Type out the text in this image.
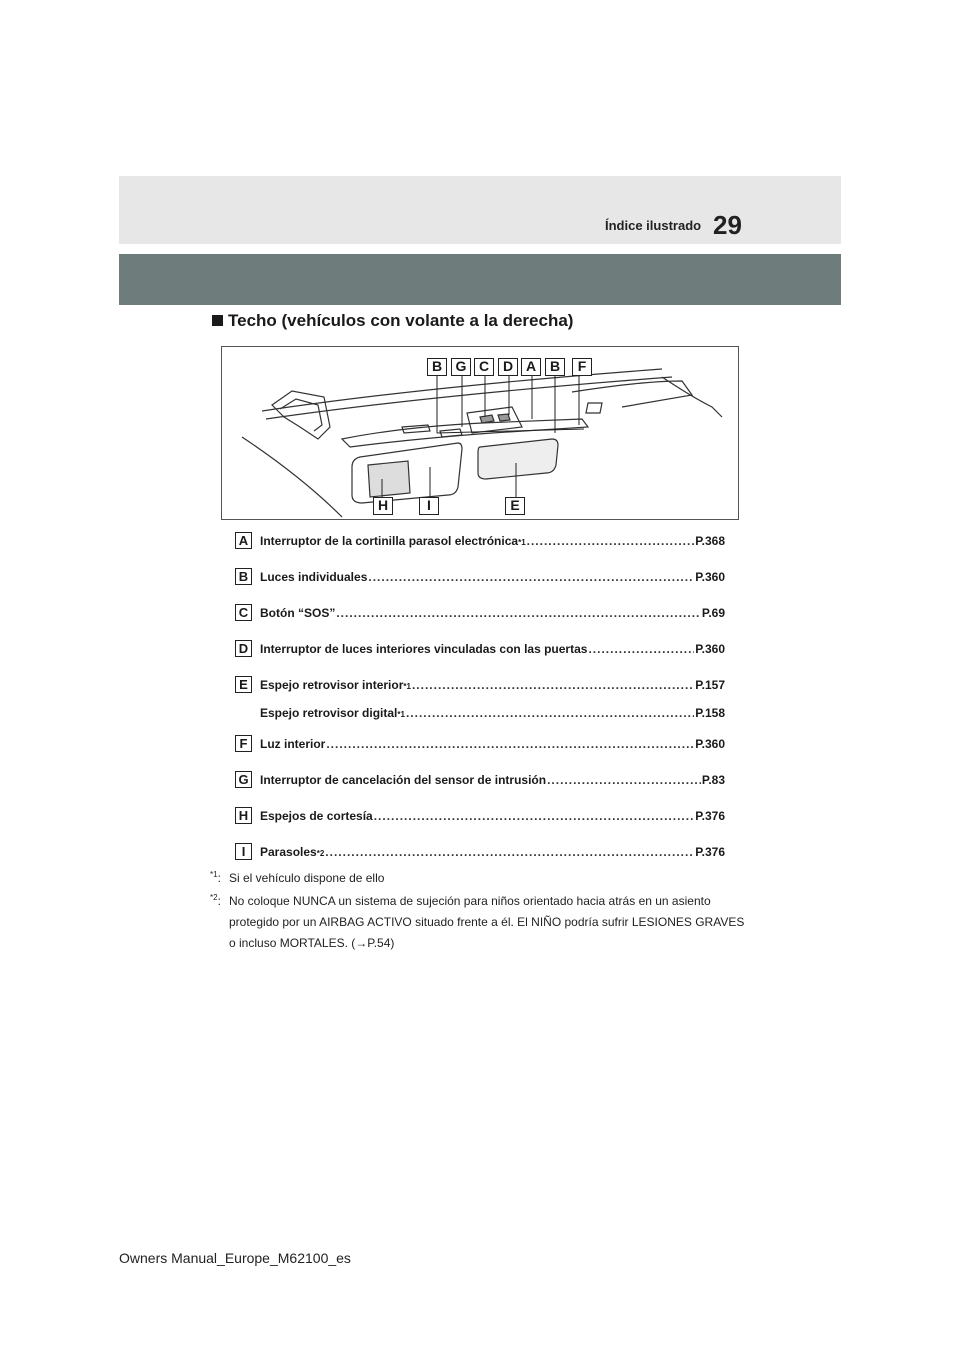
Índice ilustrado 29
Techo (vehículos con volante a la derecha)
B G C D A B	F
H	I	E
A Interruptor de la cortinilla parasol electrónica *1 .....	P.368
B Luces individuales .....	P.360
C Botón “SOS” .....	P.69
D Interruptor de luces interiores vinculadas con las puertas .....	P.360
E	Espejo retrovisor interior *1 .....	P.157
Espejo retrovisor digital *1 .....	P.158
F	Luz interior .....	P.360
G Interruptor de cancelación del sensor de intrusión .....	P.83
H Espejos de cortesía .....	P.376
I	Parasoles *2 .....	P.376
$^{*1}$: Si el vehículo dispone de ello
$^{*2}$: No coloque NUNCA un sistema de sujeción para niños orientado hacia atrás en un asiento protegido por un AIRBAG ACTIVO situado frente a él. El NIÑO podría sufrir LESIONES GRAVES o incluso MORTALES. (→P.54)
Owners Manual_Europe_M62100_es
